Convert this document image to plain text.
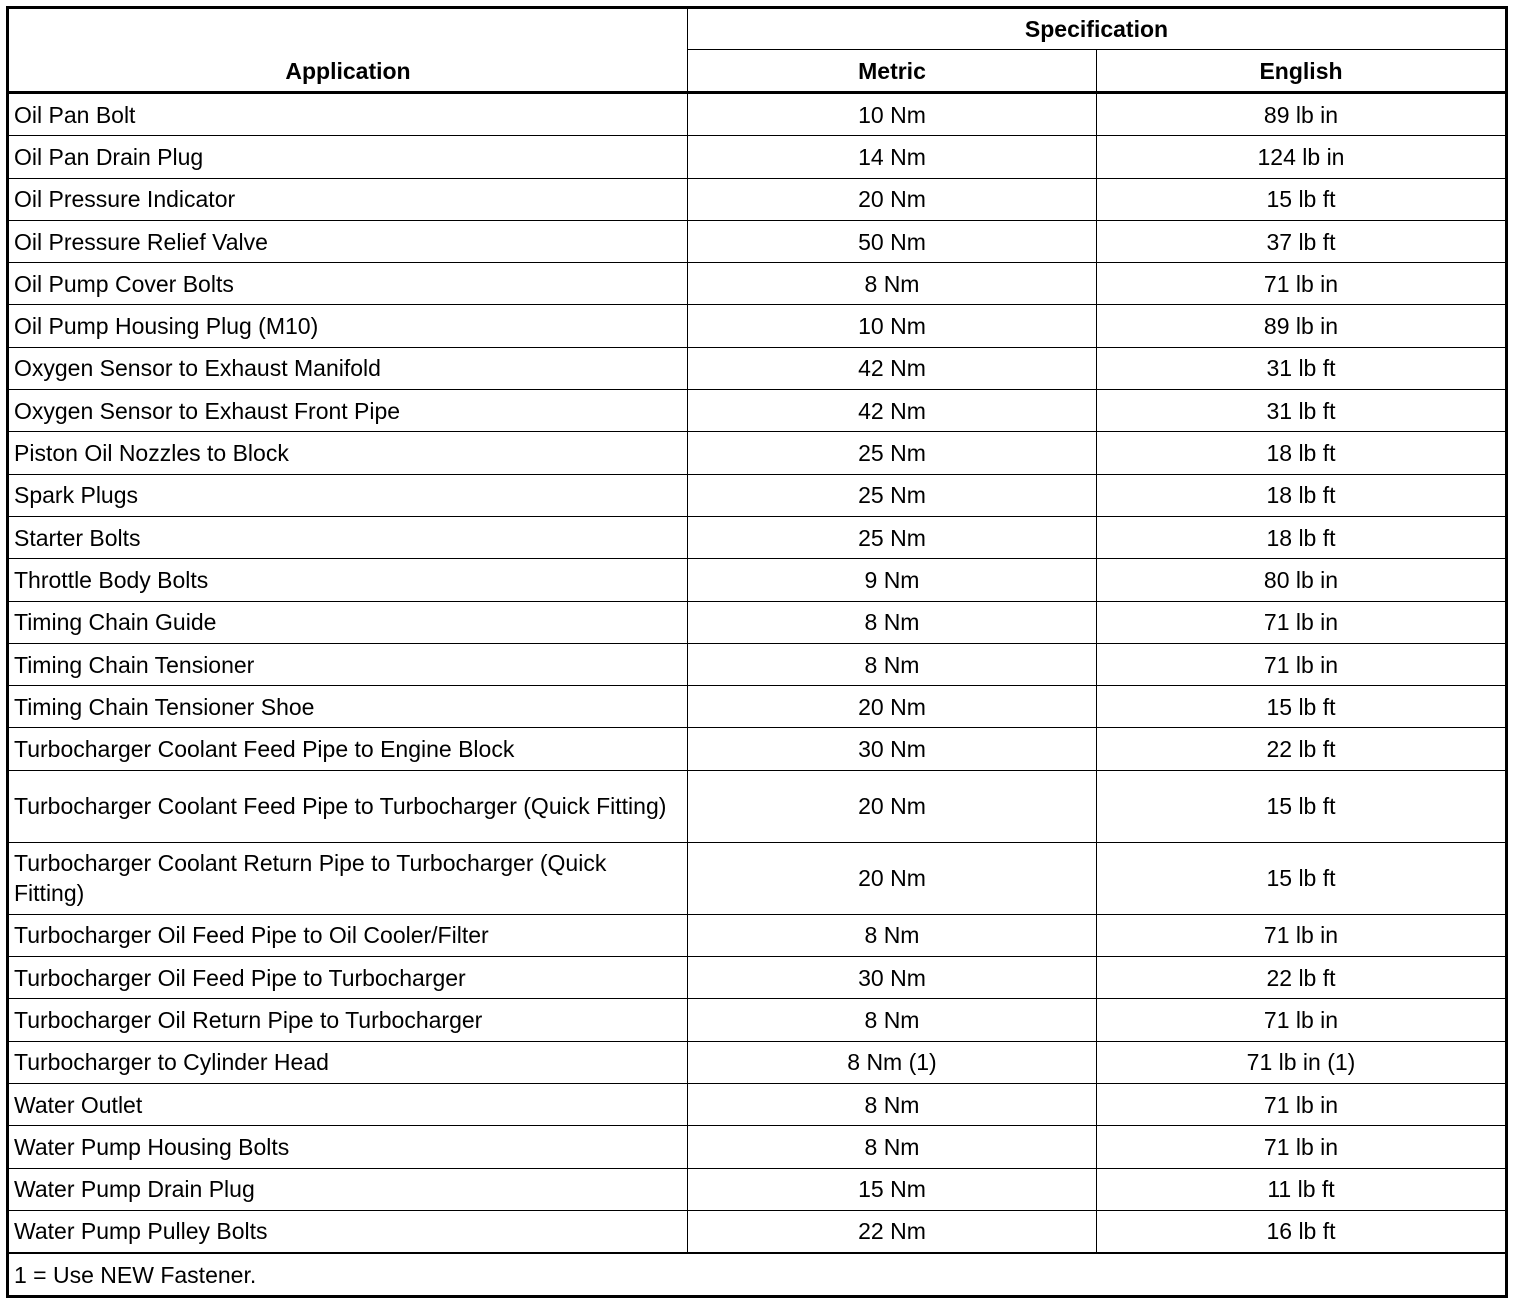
Application	Specification	
	Metric	English
Oil Pan Bolt	10 Nm	89 lb in
Oil Pan Drain Plug	14 Nm	124 lb in
Oil Pressure Indicator	20 Nm	15 lb ft
Oil Pressure Relief Valve	50 Nm	37 lb ft
Oil Pump Cover Bolts	8 Nm	71 lb in
Oil Pump Housing Plug (M10)	10 Nm	89 lb in
Oxygen Sensor to Exhaust Manifold	42 Nm	31 lb ft
Oxygen Sensor to Exhaust Front Pipe	42 Nm	31 lb ft
Piston Oil Nozzles to Block	25 Nm	18 lb ft
Spark Plugs	25 Nm	18 lb ft
Starter Bolts	25 Nm	18 lb ft
Throttle Body Bolts	9 Nm	80 lb in
Timing Chain Guide	8 Nm	71 lb in
Timing Chain Tensioner	8 Nm	71 lb in
Timing Chain Tensioner Shoe	20 Nm	15 lb ft
Turbocharger Coolant Feed Pipe to Engine Block	30 Nm	22 lb ft
Turbocharger Coolant Feed Pipe to Turbocharger (Quick Fitting)	20 Nm	15 lb ft
Turbocharger Coolant Return Pipe to Turbocharger (Quick Fitting)	20 Nm	15 lb ft
Turbocharger Oil Feed Pipe to Oil Cooler/Filter	8 Nm	71 lb in
Turbocharger Oil Feed Pipe to Turbocharger	30 Nm	22 lb ft
Turbocharger Oil Return Pipe to Turbocharger	8 Nm	71 lb in
Turbocharger to Cylinder Head	8 Nm (1)	71 lb in (1)
Water Outlet	8 Nm	71 lb in
Water Pump Housing Bolts	8 Nm	71 lb in
Water Pump Drain Plug	15 Nm	11 lb ft
Water Pump Pulley Bolts	22 Nm	16 lb ft
1 = Use NEW Fastener.		
